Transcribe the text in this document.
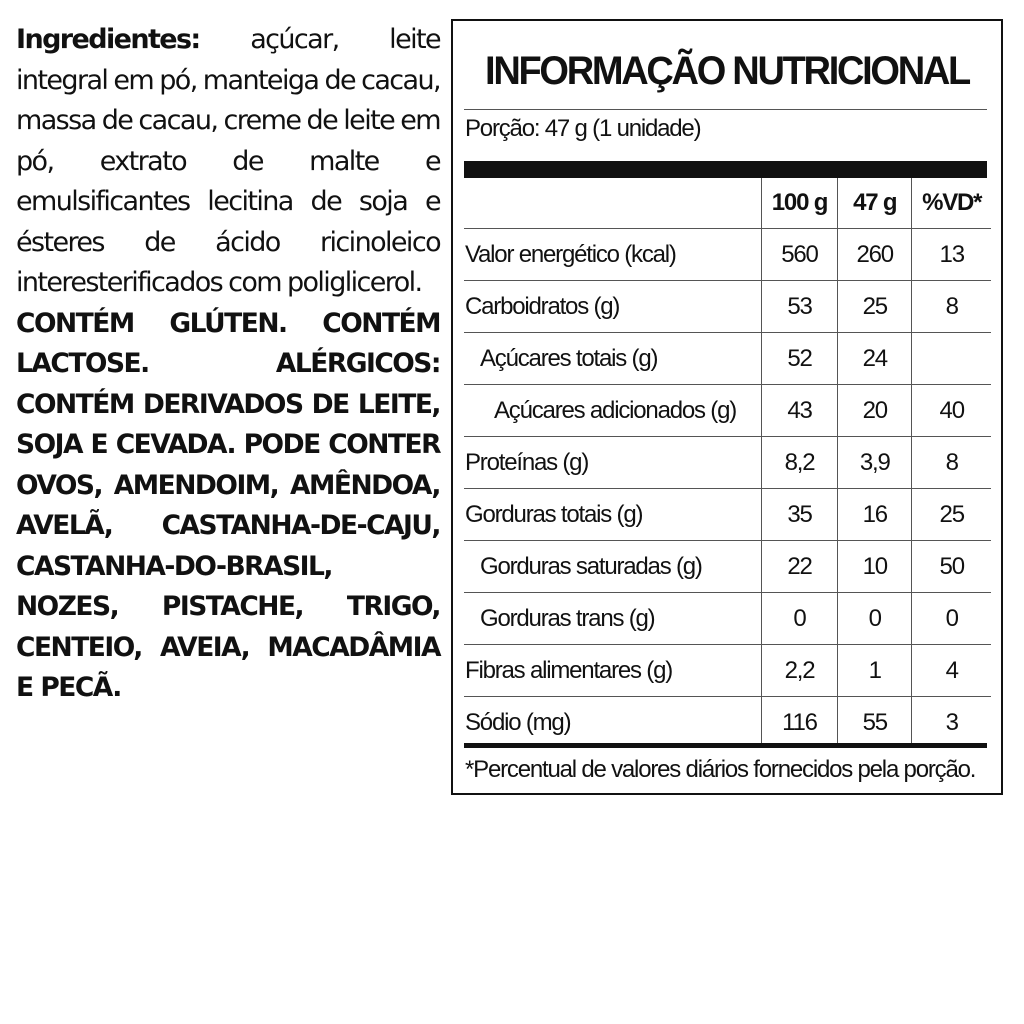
Ingredientes: açúcar, leite integral em pó, manteiga de cacau, massa de cacau, creme de leite em pó, extrato de malte e emulsificantes lecitina de soja e ésteres de ácido ricinoleico interesterificados com poliglicerol.
CONTÉM GLÚTEN. CONTÉM LACTOSE. ALÉRGICOS: CONTÉM DERIVADOS DE LEITE, SOJA E CEVADA. PODE CONTER OVOS, AMENDOIM, AMÊNDOA, AVELÃ, CASTANHA-DE-CAJU, CASTANHA-DO-BRASIL, NOZES, PISTACHE, TRIGO, CENTEIO, AVEIA, MACADÂMIA E PECÃ.
INFORMAÇÃO NUTRICIONAL
Porção: 47 g (1 unidade)
	100 g	47 g	%VD*
Valor energético (kcal)	560	260	13
Carboidratos (g)	53	25	8
Açúcares totais (g)	52	24	
Açúcares adicionados (g)	43	20	40
Proteínas (g)	8,2	3,9	8
Gorduras totais (g)	35	16	25
Gorduras saturadas (g)	22	10	50
Gorduras trans (g)	0	0	0
Fibras alimentares (g)	2,2	1	4
Sódio (mg)	116	55	3
*Percentual de valores diários fornecidos pela porção.
